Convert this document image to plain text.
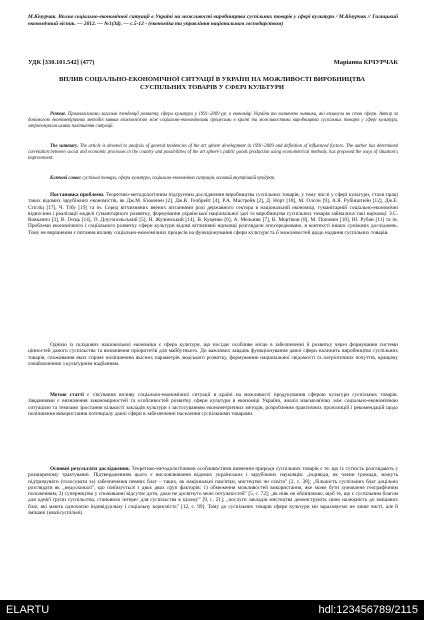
М.Кічурчак. Вплив соціально-економічної ситуації в Україні на можливості виробництва суспільних товарів у сфері культури / М.Кічурчак // Галицький економічний вісник. — 2012. — №1(34). — с.5-12 - (економіка та управління національним господарством)
УДК [330.101.542] (477)	Маріанна КІЧУРЧАК
ВПЛИВ СОЦІАЛЬНО-ЕКОНОМІЧНОЇ СИТУАЦІЇ В УКРАЇНІ НА МОЖЛИВОСТІ ВИРОБНИЦТВА СУСПІЛЬНИХ ТОВАРІВ У СФЕРІ КУЛЬТУРИ
Резюме. Проаналізовано загальні тенденції розвитку сфери культури у 1991–2009 рр. в економіці України та визначено чинники, які вплинули на стан сфери. Автор за допомогою економетричних методів виявив взаємозв'язок між соціально-економічними процесами в країні та можливостями виробництва суспільних товарів у сфері культури, запропонувала шляхи поліпшення ситуації.
The summary. The article is devoted to analysis of general tendencies of the art sphere development in 1991–2009 and definition of influenced factors. The author has determined correlation between social and economic processes in the country and possibilities of the art sphere's public goods production using econometrical methods, has proposed the ways of situation's improvement.
Ключові слова: суспільні товари, сфера культури, соціально-економічна ситуація, валовий внутрішній продукт.
Постановка проблеми. Теоретико-методологічним підгрунтям дослідження виробництва суспільних товарів, у тому числі у сфері культури, стали праці таких відомих зарубіжних економістів, як Дж.М. Б'юкенен [2], Дж.К. Гелбрейт [4], Р.А. Масгрейв [2], Д. Норт [18], М. Олсон [9], А.Я. Рубінштейн [12], Дж.Е. Стігліц [17], Ч. Тібу [19] та ін. Серед вітчизняних вчених питаннями ролі державного сектора в національній економіці, гуманітарній соціально-економічні відносини і реалізації моделі гуманітарного розвитку, формування української національної ідеї та виробництва суспільних товарів займалися такі науковці: З.С. Вовканич [3], В. Геєць [14], О. Длугопольський [5], Н. Жулинський [14], В. Куценко [6], А. Мельник [7], В. Мортіков [8], М. Попович [10], Ю. Рубан [11] та ін. Проблеми економічного і соціального розвитку сфери культури відомі вітчизняні науковці розглядали опосередковано, в контексті інших суміжних досліджень. Тому не вирішеним є питання впливу соціально-економічних процесів на функціонування сфери культури та її можливостей щодо надання суспільних товарів.
Однією із складових національної економіки є сфера культури, що посідає особливе місце в забезпеченні її розвитку через формування системи цінностей даного суспільства та визначення пріоритетів для майбутнього. До важливих завдань функціонування даної сфери належить виробництво суспільних товарів, споживання яких сприяє поліпшенню якісних параметрів людського розвитку, формуванню національної свідомості та патріотичних почуттів, кращому ознайомленню з культурним надбанням.
Метою статті є з'ясування впливу соціально-економічної ситуації в країні на можливості продукування сферою культури суспільних товарів. Завданнями є визначення закономірностей та особливостей розвитку сфери культури в економіці України, аналіз взаємозв'язку між соціально-економічною ситуацією та темпами зростання кількості закладів культури з застосуванням економетричних методів, розроблення практичних пропозицій і рекомендацій щодо поліпшення використання потенціалу даної сфери в забезпеченні населення суспільними товарами.
Основні результати дослідження. Теоретико-методологічними особливостями вивчення природи суспільних товарів є те, що їх сутність розглядають у розширеному трактуванні. Підтвердженням цього є висловлювання відомих українських і зарубіжних науковців: „індивіди, як члени громади, можуть підтримувати (голосувати за) забезпечення певних благ – таких, як національні пам'ятки, мистецтво чи освіта” [2, с. 38]; „більшість суспільних благ доцільно розглядати як „недосконалі”, що пов'язується з двох двох груп факторів: 1) обмеження можливостей використання, яке може бути зумовлене географічним положенням; 2) суперництво у споживанні відсутнє доти, доки не досягнуто межі потужностей” [5, с. 72]; „як ніяк не обов'язково, щоб те, що є суспільним благом для однієї групи суспільства, становило інтерес для суспільства в цілому” [9, с. 21]; „послуги закладів мистецтва демонструють свою належність до змішаних благ, які мають одночасно індивідуальну і соціальну корисність” [12, с. 99]. Тому до суспільних товарів сфери культури ми зараховуємо не лише чисті, але й змішані (квазісуспільні).
ELARTU	hdl:123456789/2115
